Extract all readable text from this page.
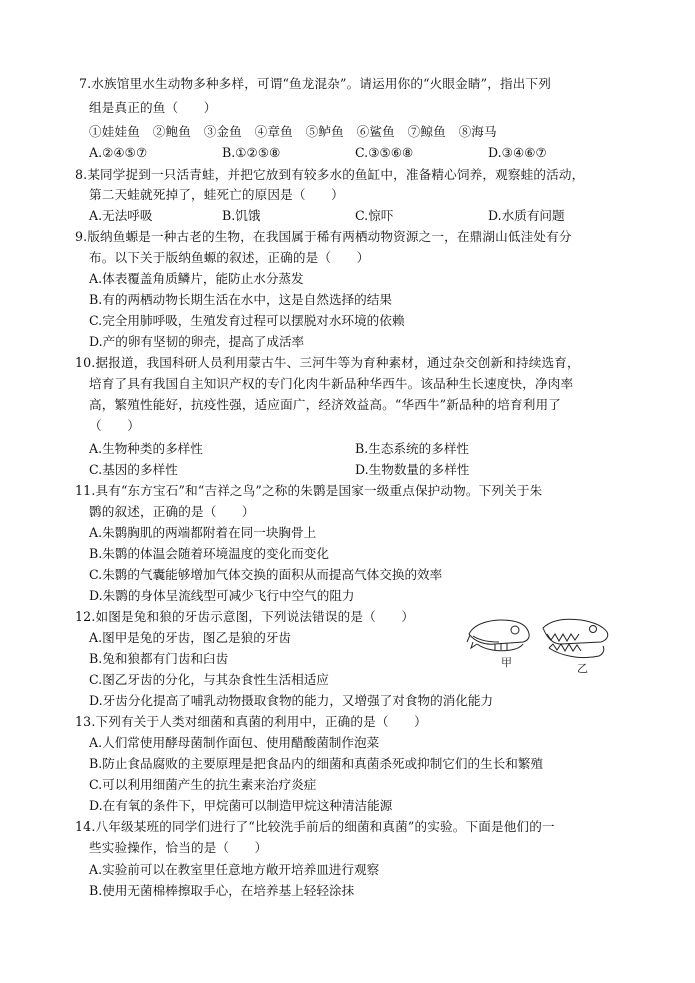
7.水族馆里水生动物多种多样，可谓“鱼龙混杂”。请运用你的“火眼金睛”，指出下列
组是真正的鱼（　　）
①娃娃鱼　②鲍鱼　③金鱼　④章鱼　⑤鲈鱼　⑥鲨鱼　⑦鲸鱼　⑧海马
A.②④⑤⑦	B.①②⑤⑧	C.③⑤⑥⑧	D.③④⑥⑦
8.某同学捉到一只活青蛙，并把它放到有较多水的鱼缸中，准备精心饲养，观察蛙的活动，
第二天蛙就死掉了，蛙死亡的原因是（　　）
A.无法呼吸	B.饥饿	C.惊吓	D.水质有问题
9.版纳鱼螈是一种古老的生物，在我国属于稀有两栖动物资源之一，在鼎湖山低洼处有分
布。以下关于版纳鱼螈的叙述，正确的是（　　）
A.体表覆盖角质鳞片，能防止水分蒸发
B.有的两栖动物长期生活在水中，这是自然选择的结果
C.完全用肺呼吸，生殖发育过程可以摆脱对水环境的依赖
D.产的卵有坚韧的卵壳，提高了成活率
10.据报道，我国科研人员利用蒙古牛、三河牛等为育种素材，通过杂交创新和持续选育，
培育了具有我国自主知识产权的专门化肉牛新品种华西牛。该品种生长速度快，净肉率
高，繁殖性能好，抗疫性强，适应面广，经济效益高。“华西牛”新品种的培育利用了
（　　）
A.生物种类的多样性	B.生态系统的多样性
C.基因的多样性	D.生物数量的多样性
11.具有“东方宝石”和“吉祥之鸟”之称的朱鹮是国家一级重点保护动物。下列关于朱
鹮的叙述，正确的是（　　）
A.朱鹮胸肌的两端都附着在同一块胸骨上
B.朱鹮的体温会随着环境温度的变化而变化
C.朱鹮的气囊能够增加气体交换的面积从而提高气体交换的效率
D.朱鹮的身体呈流线型可减少飞行中空气的阻力
12.如图是兔和狼的牙齿示意图，下列说法错误的是（　　）
A.图甲是兔的牙齿，图乙是狼的牙齿
B.兔和狼都有门齿和臼齿
C.图乙牙齿的分化，与其杂食性生活相适应
D.牙齿分化提高了哺乳动物摄取食物的能力，又增强了对食物的消化能力
甲	乙
13.下列有关于人类对细菌和真菌的利用中，正确的是（　　）
A.人们常使用酵母菌制作面包、使用醋酸菌制作泡菜
B.防止食品腐败的主要原理是把食品内的细菌和真菌杀死或抑制它们的生长和繁殖
C.可以利用细菌产生的抗生素来治疗炎症
D.在有氧的条件下，甲烷菌可以制造甲烷这种清洁能源
14.八年级某班的同学们进行了“比较洗手前后的细菌和真菌”的实验。下面是他们的一
些实验操作，恰当的是（　　）
A.实验前可以在教室里任意地方敞开培养皿进行观察
B.使用无菌棉棒擦取手心，在培养基上轻轻涂抹
